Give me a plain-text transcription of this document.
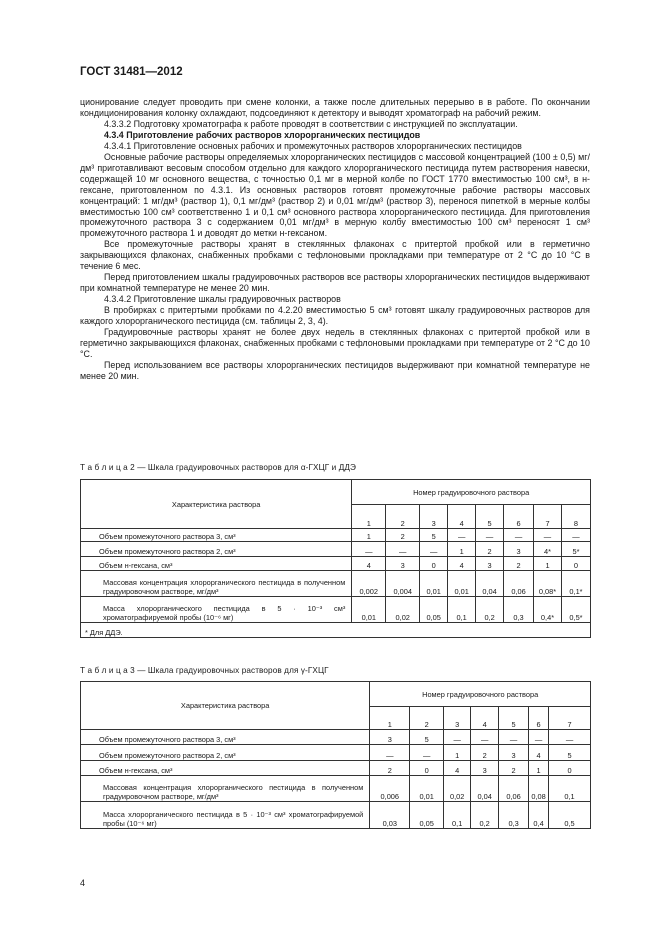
ГОСТ 31481—2012

ционирование следует проводить при смене колонки, а также после длительных перерыво в в работе. По окончании кондиционирования колонку охлаждают, подсоединяют к детектору и выводят хроматограф на рабочий режим.

4.3.3.2 Подготовку хроматографа к работе проводят в соответствии с инструкцией по эксплуатации.

4.3.4 Приготовление рабочих растворов хлорорганических пестицидов

4.3.4.1 Приготовление основных рабочих и промежуточных растворов хлорорганических пестицидов

Основные рабочие растворы определяемых хлорорганических пестицидов с массовой концентрацией (100 ± 0,5) мг/дм³ приготавливают весовым способом отдельно для каждого хлорорганического пестицида путем растворения навески, содержащей 10 мг основного вещества, с точностью 0,1 мг в мерной колбе по ГОСТ 1770 вместимостью 100 см³, в н-гексане, приготовленном по 4.3.1. Из основных растворов готовят промежуточные рабочие растворы массовых концентраций: 1 мг/дм³ (раствор 1), 0,1 мг/дм³ (раствор 2) и 0,01 мг/дм³ (раствор 3), перенося пипеткой в мерные колбы вместимостью 100 см³ соответственно 1 и 0,1 см³ основного раствора хлорорганического пестицида. Для приготовления промежуточного раствора 3 с содержанием 0,01 мг/дм³ в мерную колбу вместимостью 100 см³ переносят 1 см³ промежуточного раствора 1 и доводят до метки н-гексаном.

Все промежуточные растворы хранят в стеклянных флаконах с притертой пробкой или в герметично закрывающихся флаконах, снабженных пробками с тефлоновыми прокладками при температуре от 2 °C до 10 °C в течение 6 мес.

Перед приготовлением шкалы градуировочных растворов все растворы хлорорганических пестицидов выдерживают при комнатной температуре не менее 20 мин.

4.3.4.2 Приготовление шкалы градуировочных растворов

В пробирках с притертыми пробками по 4.2.20 вместимостью 5 см³ готовят шкалу градуировочных растворов для каждого хлорорганического пестицида (см. таблицы 2, 3, 4).

Градуировочные растворы хранят не более двух недель в стеклянных флаконах с притертой пробкой или в герметично закрывающихся флаконах, снабженных пробками с тефлоновыми прокладками при температуре от 2 °C до 10 °C.

Перед использованием все растворы хлорорганических пестицидов выдерживают при комнатной температуре не менее 20 мин.

Т а б л и ц а 2 — Шкала градуировочных растворов для α-ГХЦГ и ДДЭ
Характеристика раствора	Номер градуировочного раствора							
	1	2	3	4	5	6	7	8
Объем промежуточного раствора 3, см³	1	2	5	—	—	—	—	—
Объем промежуточного раствора 2, см³	—	—	—	1	2	3	4*	5*
Объем н-гексана, см³	4	3	0	4	3	2	1	0
Массовая концентрация хлорорганического пестицида в полученном градуировочном растворе, мг/дм³	0,002	0,004	0,01	0,01	0,04	0,06	0,08*	0,1*
Масса хлорорганического пестицида в 5 · 10⁻³ см³ хроматографируемой пробы (10⁻⁶ мг)	0,01	0,02	0,05	0,1	0,2	0,3	0,4*	0,5*
* Для ДДЭ.								
Т а б л и ц а 3 — Шкала градуировочных растворов для γ-ГХЦГ
Характеристика раствора	Номер градуировочного раствора						
	1	2	3	4	5	6	7
Объем промежуточного раствора 3, см³	3	5	—	—	—	—	—
Объем промежуточного раствора 2, см³	—	—	1	2	3	4	5
Объем н-гексана, см³	2	0	4	3	2	1	0
Массовая концентрация хлорорганического пестицида в полученном градуировочном растворе, мг/дм³	0,006	0,01	0,02	0,04	0,06	0,08	0,1
Масса хлорорганического пестицида в 5 · 10⁻³ см³ хроматографируемой пробы (10⁻⁶ мг)	0,03	0,05	0,1	0,2	0,3	0,4	0,5
4
